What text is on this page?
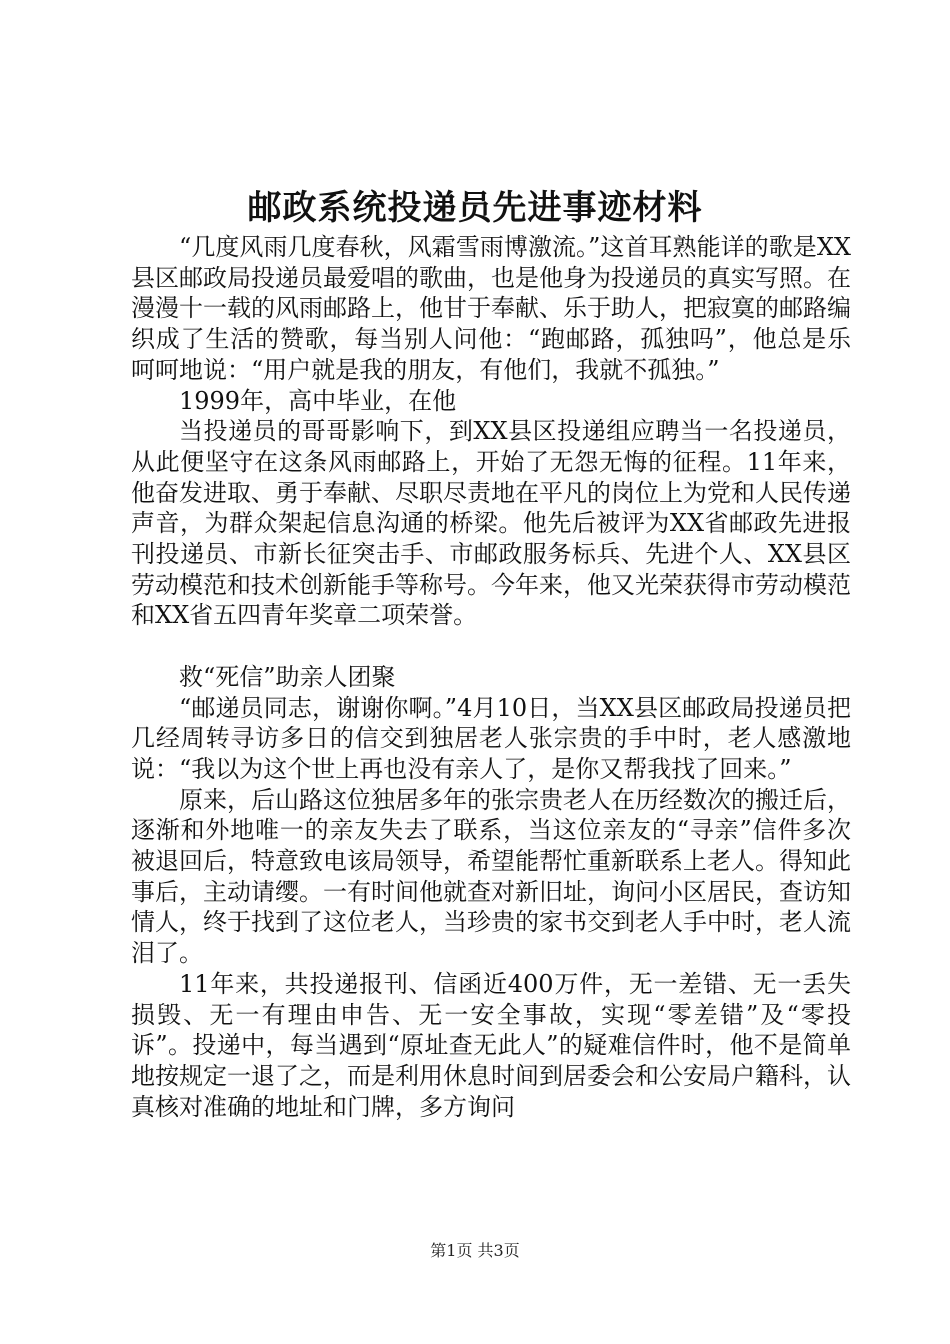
邮政系统投递员先进事迹材料

“几度风雨几度春秋，风霜雪雨博激流。”这首耳熟能详的歌是XX县区邮政局投递员最爱唱的歌曲，也是他身为投递员的真实写照。在漫漫十一载的风雨邮路上，他甘于奉献、乐于助人，把寂寞的邮路编织成了生活的赞歌，每当别人问他：“跑邮路，孤独吗”，他总是乐呵呵地说：“用户就是我的朋友，有他们，我就不孤独。”

1999年，高中毕业，在他

当投递员的哥哥影响下，到XX县区投递组应聘当一名投递员，从此便坚守在这条风雨邮路上，开始了无怨无悔的征程。11年来，他奋发进取、勇于奉献、尽职尽责地在平凡的岗位上为党和人民传递声音，为群众架起信息沟通的桥梁。他先后被评为XX省邮政先进报刊投递员、市新长征突击手、市邮政服务标兵、先进个人、XX县区劳动模范和技术创新能手等称号。今年来，他又光荣获得市劳动模范和XX省五四青年奖章二项荣誉。

救“死信”助亲人团聚

“邮递员同志，谢谢你啊。”4月10日，当XX县区邮政局投递员把几经周转寻访多日的信交到独居老人张宗贵的手中时，老人感激地说：“我以为这个世上再也没有亲人了，是你又帮我找了回来。”

原来，后山路这位独居多年的张宗贵老人在历经数次的搬迁后，逐渐和外地唯一的亲友失去了联系，当这位亲友的“寻亲”信件多次被退回后，特意致电该局领导，希望能帮忙重新联系上老人。得知此事后，主动请缨。一有时间他就查对新旧址，询问小区居民，查访知情人，终于找到了这位老人，当珍贵的家书交到老人手中时，老人流泪了。

11年来，共投递报刊、信函近400万件，无一差错、无一丢失损毁、无一有理由申告、无一安全事故，实现“零差错”及“零投诉”。投递中，每当遇到“原址查无此人”的疑难信件时，他不是简单地按规定一退了之，而是利用休息时间到居委会和公安局户籍科，认真核对准确的地址和门牌，多方询问

第1页 共3页
